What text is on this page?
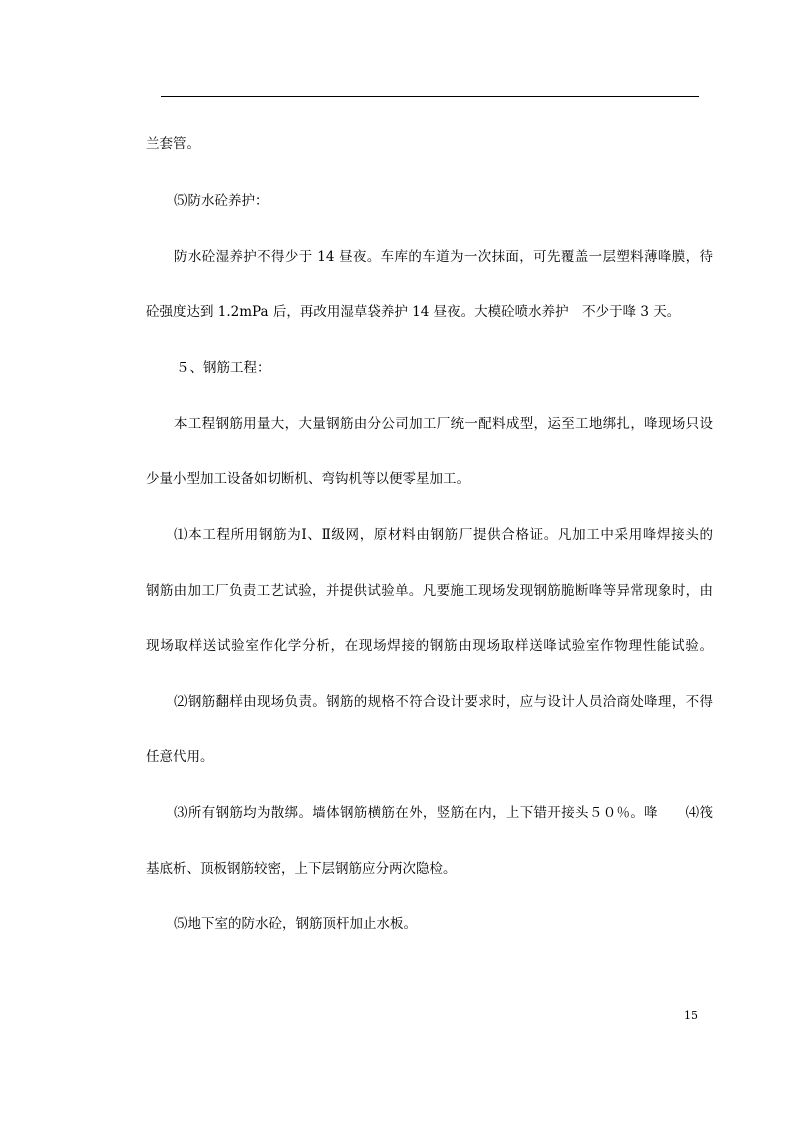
兰套管。

⑸防水砼养护：

防水砼湿养护不得少于 14 昼夜。车库的车道为一次抹面，可先覆盖一层塑料薄㖓膜，待

砼强度达到 1.2mPa 后，再改用湿草袋养护 14 昼夜。大模砼喷水养护　不少于㖓 3 天。

５、钢筋工程：

本工程钢筋用量大，大量钢筋由分公司加工厂统一配料成型，运至工地绑扎，㖓现场只设

少量小型加工设备如切断机、弯钩机等以便零星加工。

⑴本工程所用钢筋为Ⅰ、Ⅱ级网，原材料由钢筋厂提供合格证。凡加工中采用㖓焊接头的

钢筋由加工厂负责工艺试验，并提供试验单。凡要施工现场发现钢筋脆断㖓等异常现象时，由

现场取样送试验室作化学分析，在现场焊接的钢筋由现场取样送㖓试验室作物理性能试验。

⑵钢筋翻样由现场负责。钢筋的规格不符合设计要求时，应与设计人员洽商处㖓理，不得

任意代用。

⑶所有钢筋均为散绑。墙体钢筋横筋在外，竖筋在内，上下错开接头５０％。㖓　　⑷筏

基底析、顶板钢筋较密，上下层钢筋应分两次隐检。

⑸地下室的防水砼，钢筋顶杆加止水板。

15
